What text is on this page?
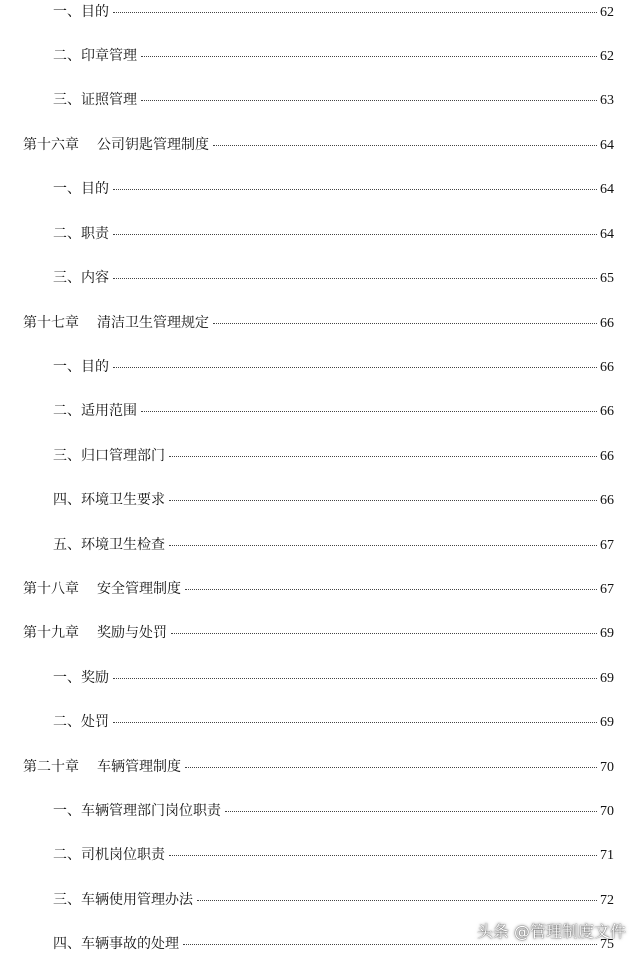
一、 目的	62
二、 印章管理	62
三、 证照管理	63
第十六章 公司钥匙管理制度	64
一、 目的	64
二、 职责	64
三、 内容	65
第十七章 清洁卫生管理规定	66
一、 目的	66
二、 适用范围	66
三、 归口管理部门	66
四、 环境卫生要求	66
五、 环境卫生检查	67
第十八章 安全管理制度	67
第十九章 奖励与处罚	69
一、 奖励	69
二、 处罚	69
第二十章 车辆管理制度	70
一、 车辆管理部门岗位职责	70
二、 司机岗位职责	71
三、 车辆使用管理办法	72
四、 车辆事故的处理	75
头条 @管理制度文件
